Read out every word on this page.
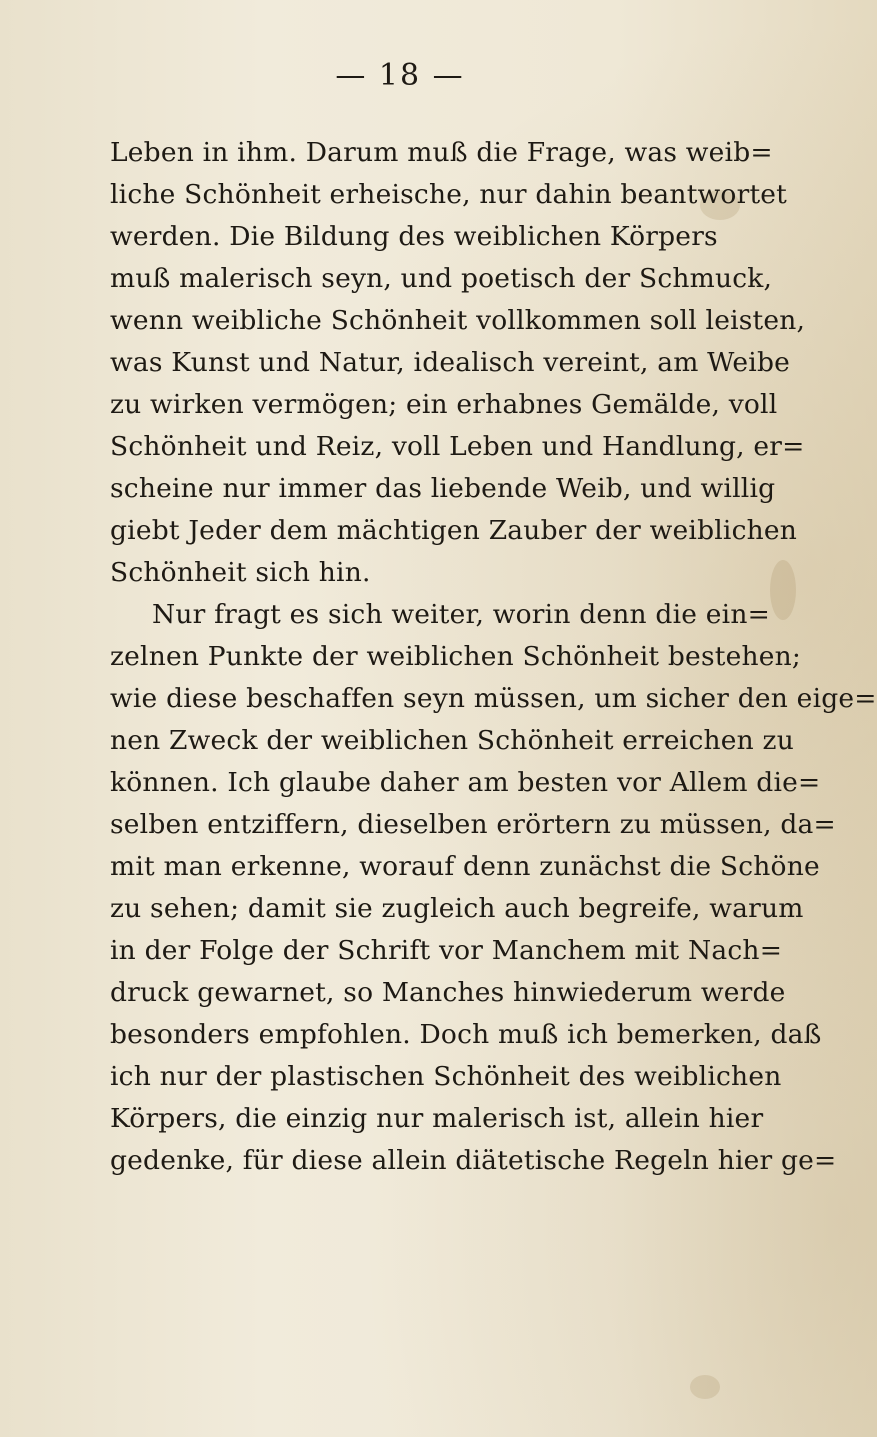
— 18 —
Leben in ihm. Darum muß die Frage, was weib=
liche Schönheit erheische, nur dahin beantwortet
werden. Die Bildung des weiblichen Körpers
muß malerisch seyn, und poetisch der Schmuck,
wenn weibliche Schönheit vollkommen soll leisten,
was Kunst und Natur, idealisch vereint, am Weibe
zu wirken vermögen; ein erhabnes Gemälde, voll
Schönheit und Reiz, voll Leben und Handlung, er=
scheine nur immer das liebende Weib, und willig
giebt Jeder dem mächtigen Zauber der weiblichen
Schönheit sich hin.
Nur fragt es sich weiter, worin denn die ein=
zelnen Punkte der weiblichen Schönheit bestehen;
wie diese beschaffen seyn müssen, um sicher den eige=
nen Zweck der weiblichen Schönheit erreichen zu
können. Ich glaube daher am besten vor Allem die=
selben entziffern, dieselben erörtern zu müssen, da=
mit man erkenne, worauf denn zunächst die Schöne
zu sehen; damit sie zugleich auch begreife, warum
in der Folge der Schrift vor Manchem mit Nach=
druck gewarnet, so Manches hinwiederum werde
besonders empfohlen. Doch muß ich bemerken, daß
ich nur der plastischen Schönheit des weiblichen
Körpers, die einzig nur malerisch ist, allein hier
gedenke, für diese allein diätetische Regeln hier ge=
